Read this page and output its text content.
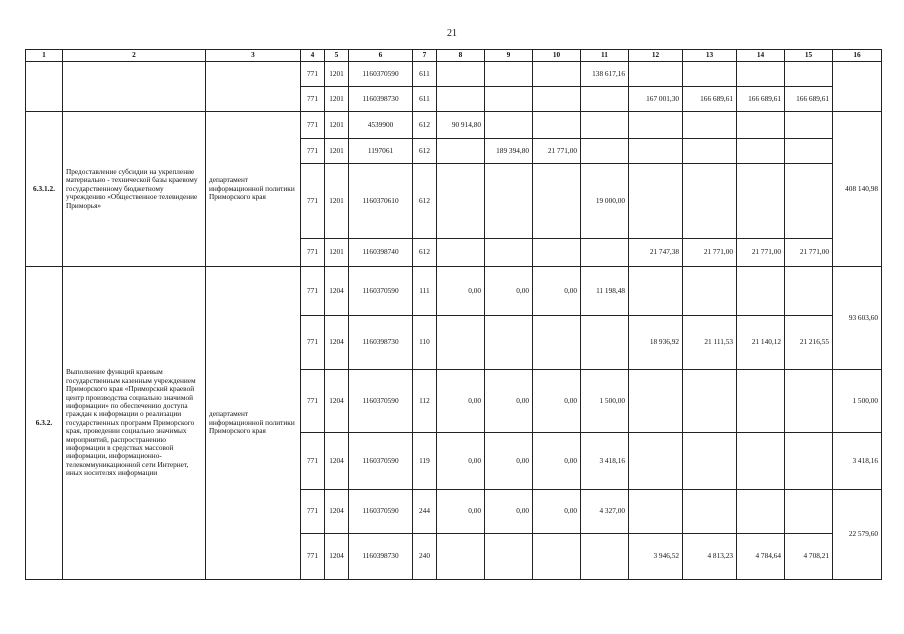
21
1	2	3	4	5	6	7	8	9	10	11	12	13	14	15	16
			771	1201	1160370590	611				138 617,16					
			771	1201	1160398730	611					167 001,30	166 689,61	166 689,61	166 689,61	
6.3.1.2.	Предоставление субсидии на укрепление материально - технической базы краевому государственному бюджетному учреждению «Общественное телевидение Приморья»	департамент информационной политики Приморского края	771	1201	4539900	612	90 914,80								408 140,98
			771	1201	1197061	612		189 394,80	21 771,00						
			771	1201	1160370610	612				19 000,00					
			771	1201	1160398740	612					21 747,38	21 771,00	21 771,00	21 771,00	
6.3.2.	Выполнение функций краевым государственным казенным учреждением Приморского края «Приморский краевой центр производства социально значимой информации» по обеспечению доступа граждан к информации о реализации государственных программ Приморского края, проведении социально значимых мероприятий, распространению информации в средствах массовой информации, информационно-телекоммуникационной сети Интернет, иных носителях информации	департамент информационной политики Приморского края	771	1204	1160370590	111	0,00	0,00	0,00	11 198,48					93 603,60
			771	1204	1160398730	110					18 936,92	21 111,53	21 140,12	21 216,55	
			771	1204	1160370590	112	0,00	0,00	0,00	1 500,00					1 500,00
			771	1204	1160370590	119	0,00	0,00	0,00	3 418,16					3 418,16
			771	1204	1160370590	244	0,00	0,00	0,00	4 327,00					22 579,60
			771	1204	1160398730	240					3 946,52	4 813,23	4 784,64	4 708,21	
